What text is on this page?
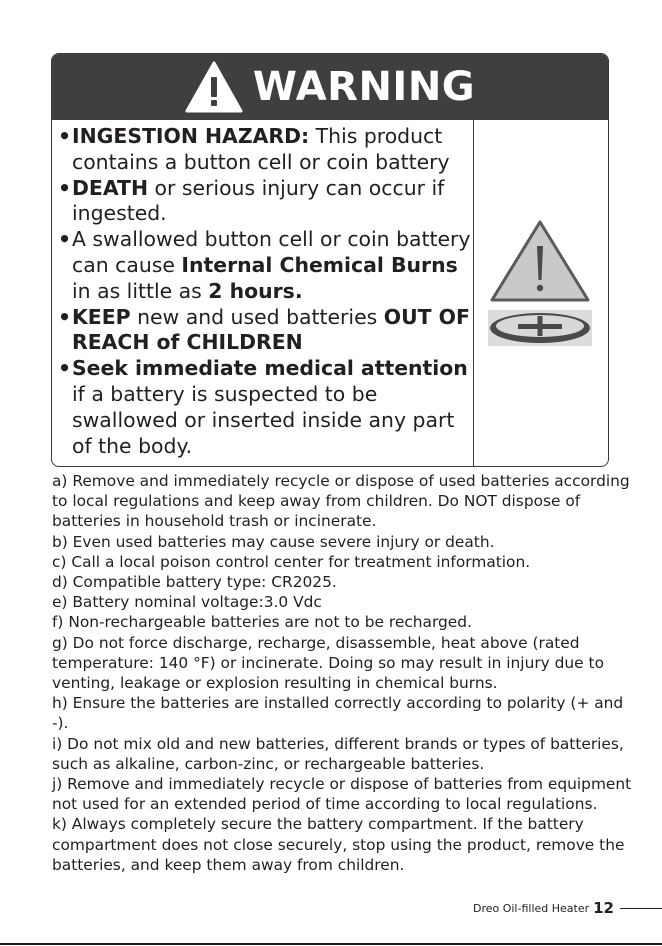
WARNING
• INGESTION HAZARD: This product contains a button cell or coin battery
• DEATH or serious injury can occur if ingested.
• A swallowed button cell or coin battery can cause Internal Chemical Burns in as little as 2 hours.
• KEEP new and used batteries OUT OF REACH of CHILDREN
• Seek immediate medical attention if a battery is suspected to be swallowed or inserted inside any part of the body.

a) Remove and immediately recycle or dispose of used batteries according to local regulations and keep away from children. Do NOT dispose of batteries in household trash or incinerate.

b) Even used batteries may cause severe injury or death.

c) Call a local poison control center for treatment information.

d) Compatible battery type: CR2025.

e) Battery nominal voltage:3.0 Vdc

f) Non-rechargeable batteries are not to be recharged.

g) Do not force discharge, recharge, disassemble, heat above (rated temperature: 140 °F) or incinerate. Doing so may result in injury due to venting, leakage or explosion resulting in chemical burns.

h) Ensure the batteries are installed correctly according to polarity (+ and -).

i) Do not mix old and new batteries, different brands or types of batteries, such as alkaline, carbon-zinc, or rechargeable batteries.

j) Remove and immediately recycle or dispose of batteries from equipment not used for an extended period of time according to local regulations.

k) Always completely secure the battery compartment. If the battery compartment does not close securely, stop using the product, remove the batteries, and keep them away from children.

Dreo Oil-filled Heater 12
